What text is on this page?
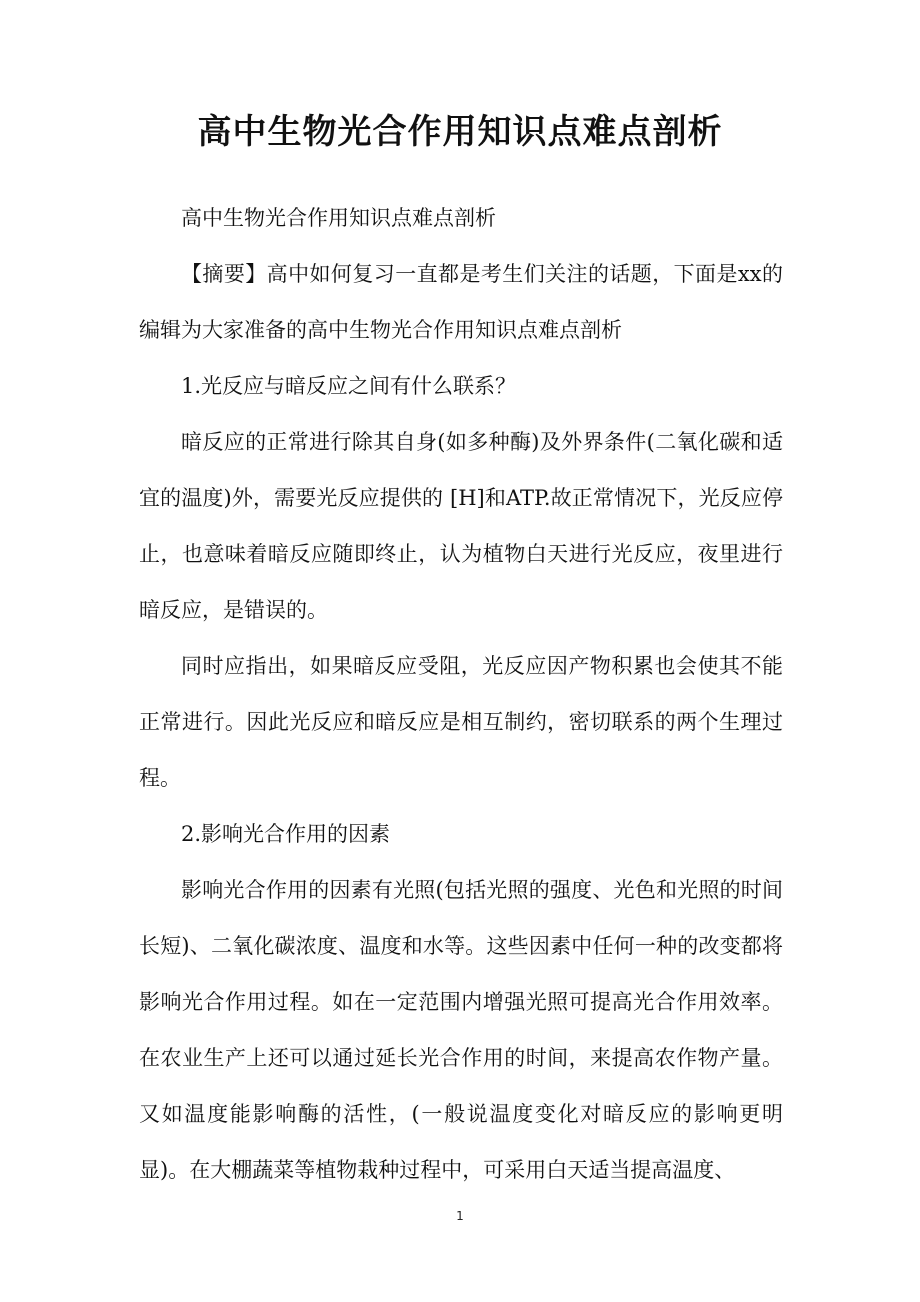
高中生物光合作用知识点难点剖析

高中生物光合作用知识点难点剖析

【摘要】高中如何复习一直都是考生们关注的话题，下面是xx的编辑为大家准备的高中生物光合作用知识点难点剖析

1.光反应与暗反应之间有什么联系？

暗反应的正常进行除其自身(如多种酶)及外界条件(二氧化碳和适宜的温度)外，需要光反应提供的 [H]和ATP.故正常情况下，光反应停止，也意味着暗反应随即终止，认为植物白天进行光反应，夜里进行暗反应，是错误的。

同时应指出，如果暗反应受阻，光反应因产物积累也会使其不能正常进行。因此光反应和暗反应是相互制约，密切联系的两个生理过程。

2.影响光合作用的因素

影响光合作用的因素有光照(包括光照的强度、光色和光照的时间长短)、二氧化碳浓度、温度和水等。这些因素中任何一种的改变都将影响光合作用过程。如在一定范围内增强光照可提高光合作用效率。在农业生产上还可以通过延长光合作用的时间，来提高农作物产量。又如温度能影响酶的活性，(一般说温度变化对暗反应的影响更明显)。在大棚蔬菜等植物栽种过程中，可采用白天适当提高温度、

1
